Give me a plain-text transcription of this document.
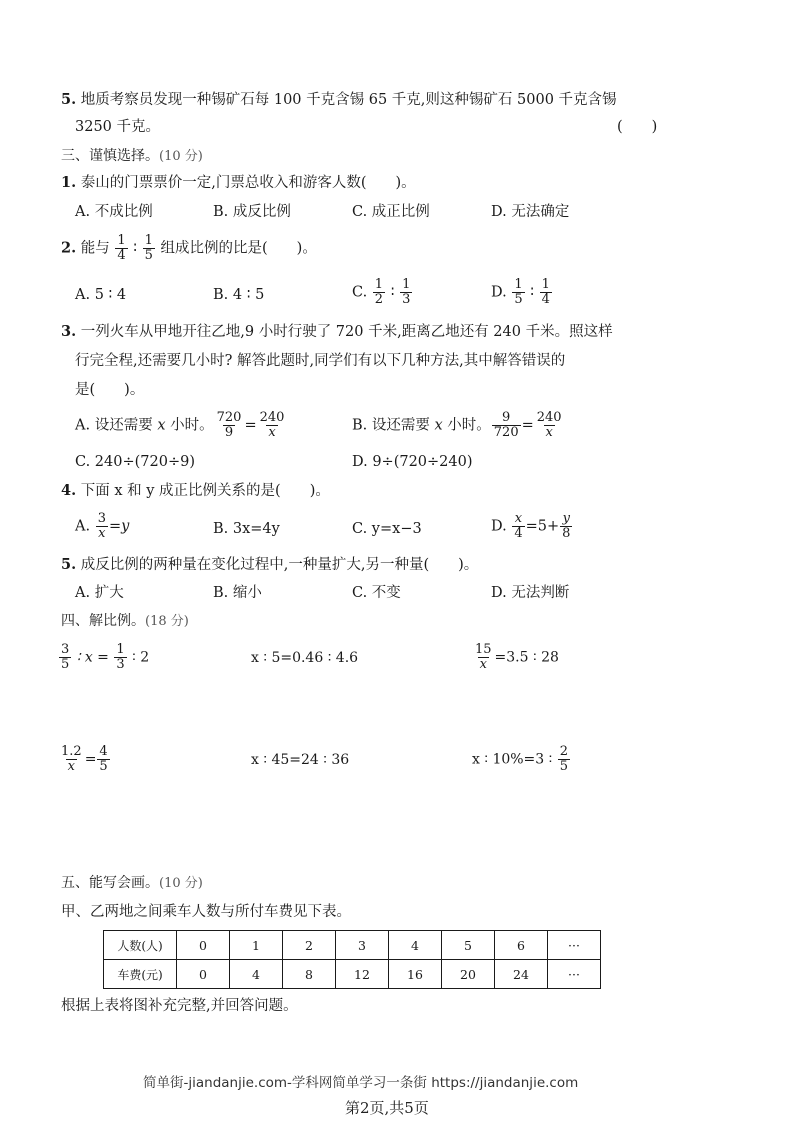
5. 地质考察员发现一种锡矿石每 100 千克含锡 65 千克,则这种锡矿石 5000 千克含锡
3250 千克。	(　　)
三、谨慎选择。(10 分)
1. 泰山的门票票价一定,门票总收入和游客人数(　　)。
A. 不成比例	B. 成反比例	C. 成正比例	D. 无法确定
2. 能与 $\frac{1}{4}$ ∶ $\frac{1}{5}$ 组成比例的比是(　　)。
A. 5 ∶ 4	B. 4 ∶ 5	C. $\frac{1}{2}$ ∶ $\frac{1}{3}$	D. $\frac{1}{5}$ ∶ $\frac{1}{4}$
3. 一列火车从甲地开往乙地,9 小时行驶了 720 千米,距离乙地还有 240 千米。照这样
行完全程,还需要几小时? 解答此题时,同学们有以下几种方法,其中解答错误的
是(　　)。
A. 设还需要 x 小时。 $\frac{720}{9} = \frac{240}{x}$	B. 设还需要 x 小时。 $\frac{9}{720} = \frac{240}{x}$
C. 240÷(720÷9)	D. 9÷(720÷240)
4. 下面 x 和 y 成正比例关系的是(　　)。
A. $\frac{3}{x} =y$	B. 3x=4y	C. y=x−3	D. $\frac{x}{4} =5+ \frac{y}{8}$
5. 成反比例的两种量在变化过程中,一种量扩大,另一种量(　　)。
A. 扩大	B. 缩小	C. 不变	D. 无法判断
四、解比例。(18 分)
$\frac{3}{5}$ ∶ $x = \frac{1}{3}$ ∶ 2	x ∶ 5=0.46 ∶ 4.6	$\frac{15}{x} =3.5$ ∶ 28
$\frac{1.2}{x} = \frac{4}{5}$	x ∶ 45=24 ∶ 36	x ∶ 10%=3 ∶ $\frac{2}{5}$
五、能写会画。(10 分)
甲、乙两地之间乘车人数与所付车费见下表。
人数(人)	0	1	2	3	4	5	6	···
车费(元)	0	4	8	12	16	20	24	···
根据上表将图补充完整,并回答问题。
简单街-jiandanjie.com-学科网简单学习一条街 https://jiandanjie.com
第2页,共5页
